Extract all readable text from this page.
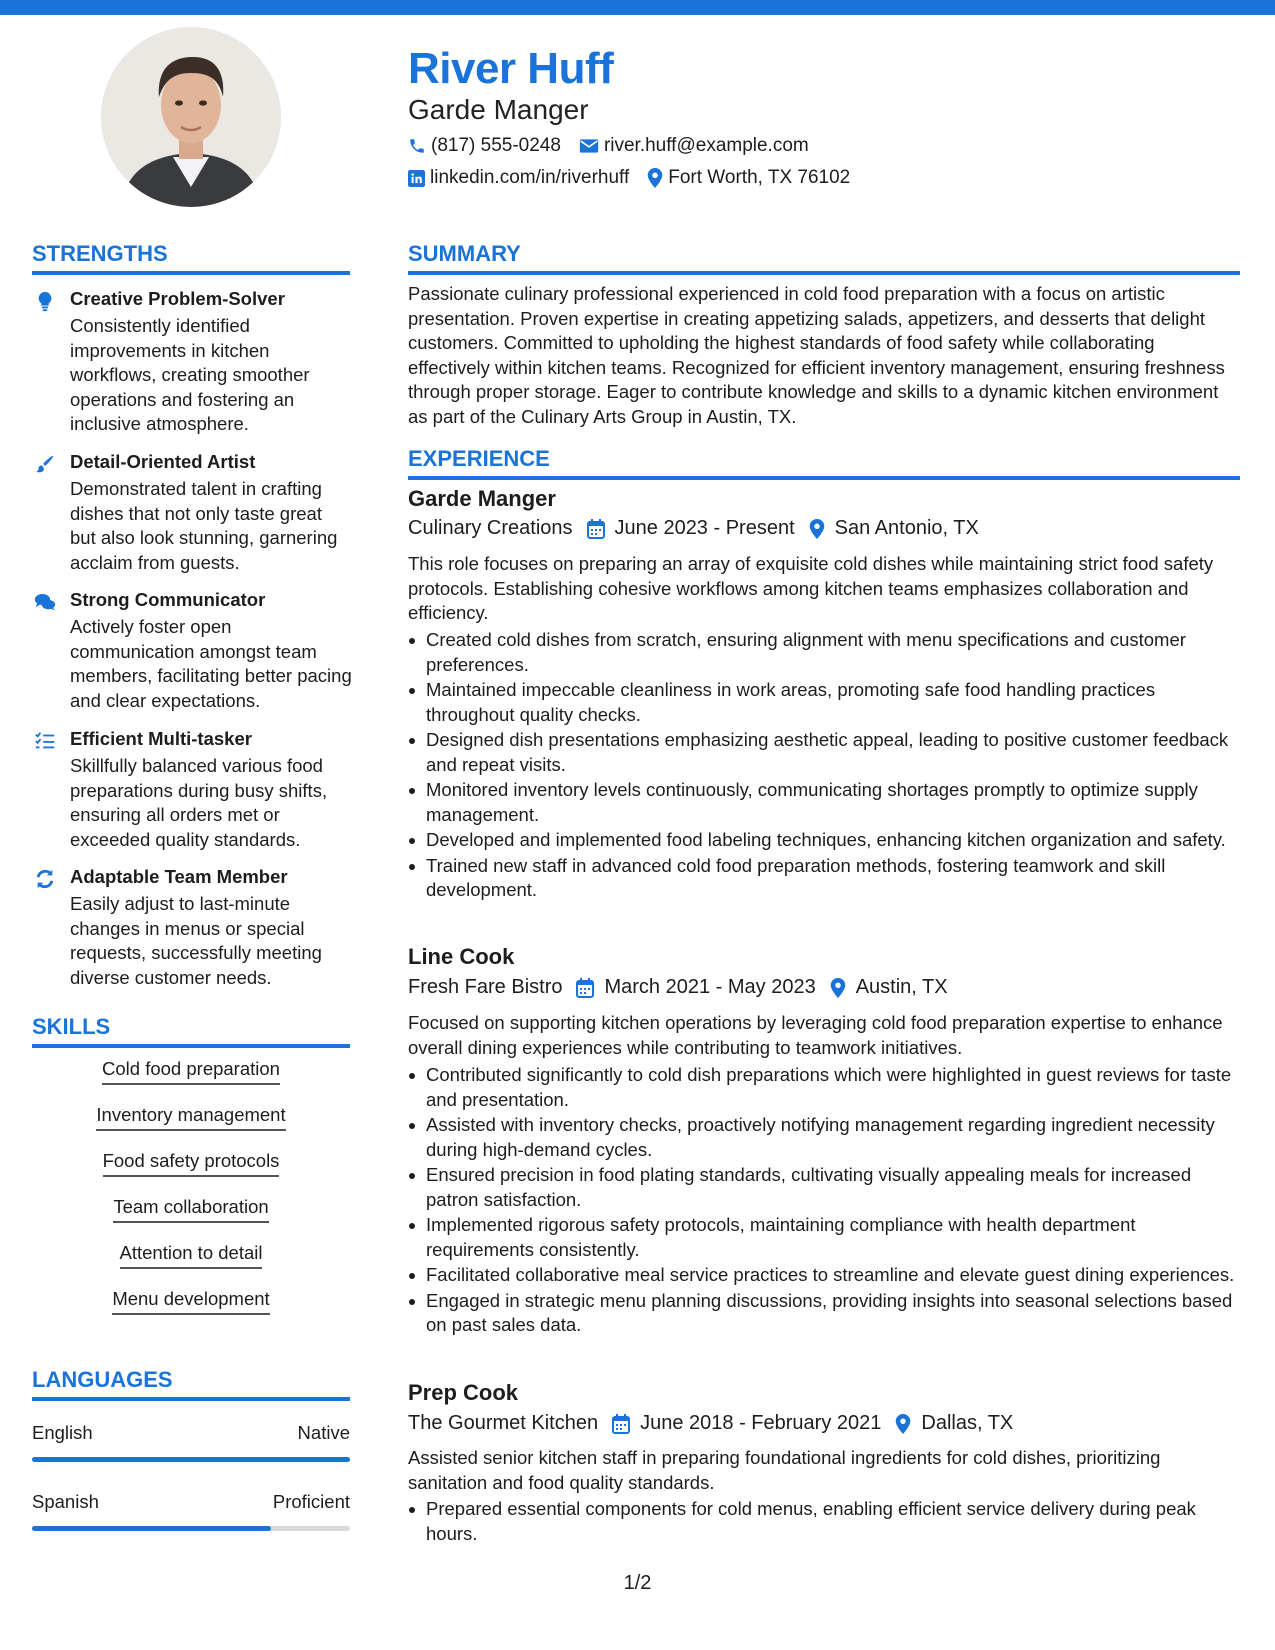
River Huff
Garde Manger
(817) 555-0248 river.huff@example.com
linkedin.com/in/riverhuff Fort Worth, TX 76102
STRENGTHS
Creative Problem-Solver
Consistently identified improvements in kitchen workflows, creating smoother operations and fostering an inclusive atmosphere.
Detail-Oriented Artist
Demonstrated talent in crafting dishes that not only taste great but also look stunning, garnering acclaim from guests.
Strong Communicator
Actively foster open communication amongst team members, facilitating better pacing and clear expectations.
Efficient Multi-tasker
Skillfully balanced various food preparations during busy shifts, ensuring all orders met or exceeded quality standards.
Adaptable Team Member
Easily adjust to last-minute changes in menus or special requests, successfully meeting diverse customer needs.
SKILLS
Cold food preparation
Inventory management
Food safety protocols
Team collaboration
Attention to detail
Menu development
LANGUAGES
English	Native
Spanish	Proficient
SUMMARY
Passionate culinary professional experienced in cold food preparation with a focus on artistic presentation. Proven expertise in creating appetizing salads, appetizers, and desserts that delight customers. Committed to upholding the highest standards of food safety while collaborating effectively within kitchen teams. Recognized for efficient inventory management, ensuring freshness through proper storage. Eager to contribute knowledge and skills to a dynamic kitchen environment as part of the Culinary Arts Group in Austin, TX.
EXPERIENCE
Garde Manger
Culinary Creations June 2023 - Present San Antonio, TX
This role focuses on preparing an array of exquisite cold dishes while maintaining strict food safety protocols. Establishing cohesive workflows among kitchen teams emphasizes collaboration and efficiency.
Created cold dishes from scratch, ensuring alignment with menu specifications and customer preferences.
Maintained impeccable cleanliness in work areas, promoting safe food handling practices throughout quality checks.
Designed dish presentations emphasizing aesthetic appeal, leading to positive customer feedback and repeat visits.
Monitored inventory levels continuously, communicating shortages promptly to optimize supply management.
Developed and implemented food labeling techniques, enhancing kitchen organization and safety.
Trained new staff in advanced cold food preparation methods, fostering teamwork and skill development.
Line Cook
Fresh Fare Bistro March 2021 - May 2023 Austin, TX
Focused on supporting kitchen operations by leveraging cold food preparation expertise to enhance overall dining experiences while contributing to teamwork initiatives.
Contributed significantly to cold dish preparations which were highlighted in guest reviews for taste and presentation.
Assisted with inventory checks, proactively notifying management regarding ingredient necessity during high-demand cycles.
Ensured precision in food plating standards, cultivating visually appealing meals for increased patron satisfaction.
Implemented rigorous safety protocols, maintaining compliance with health department requirements consistently.
Facilitated collaborative meal service practices to streamline and elevate guest dining experiences.
Engaged in strategic menu planning discussions, providing insights into seasonal selections based on past sales data.
Prep Cook
The Gourmet Kitchen June 2018 - February 2021 Dallas, TX
Assisted senior kitchen staff in preparing foundational ingredients for cold dishes, prioritizing sanitation and food quality standards.
Prepared essential components for cold menus, enabling efficient service delivery during peak hours.
1/2
